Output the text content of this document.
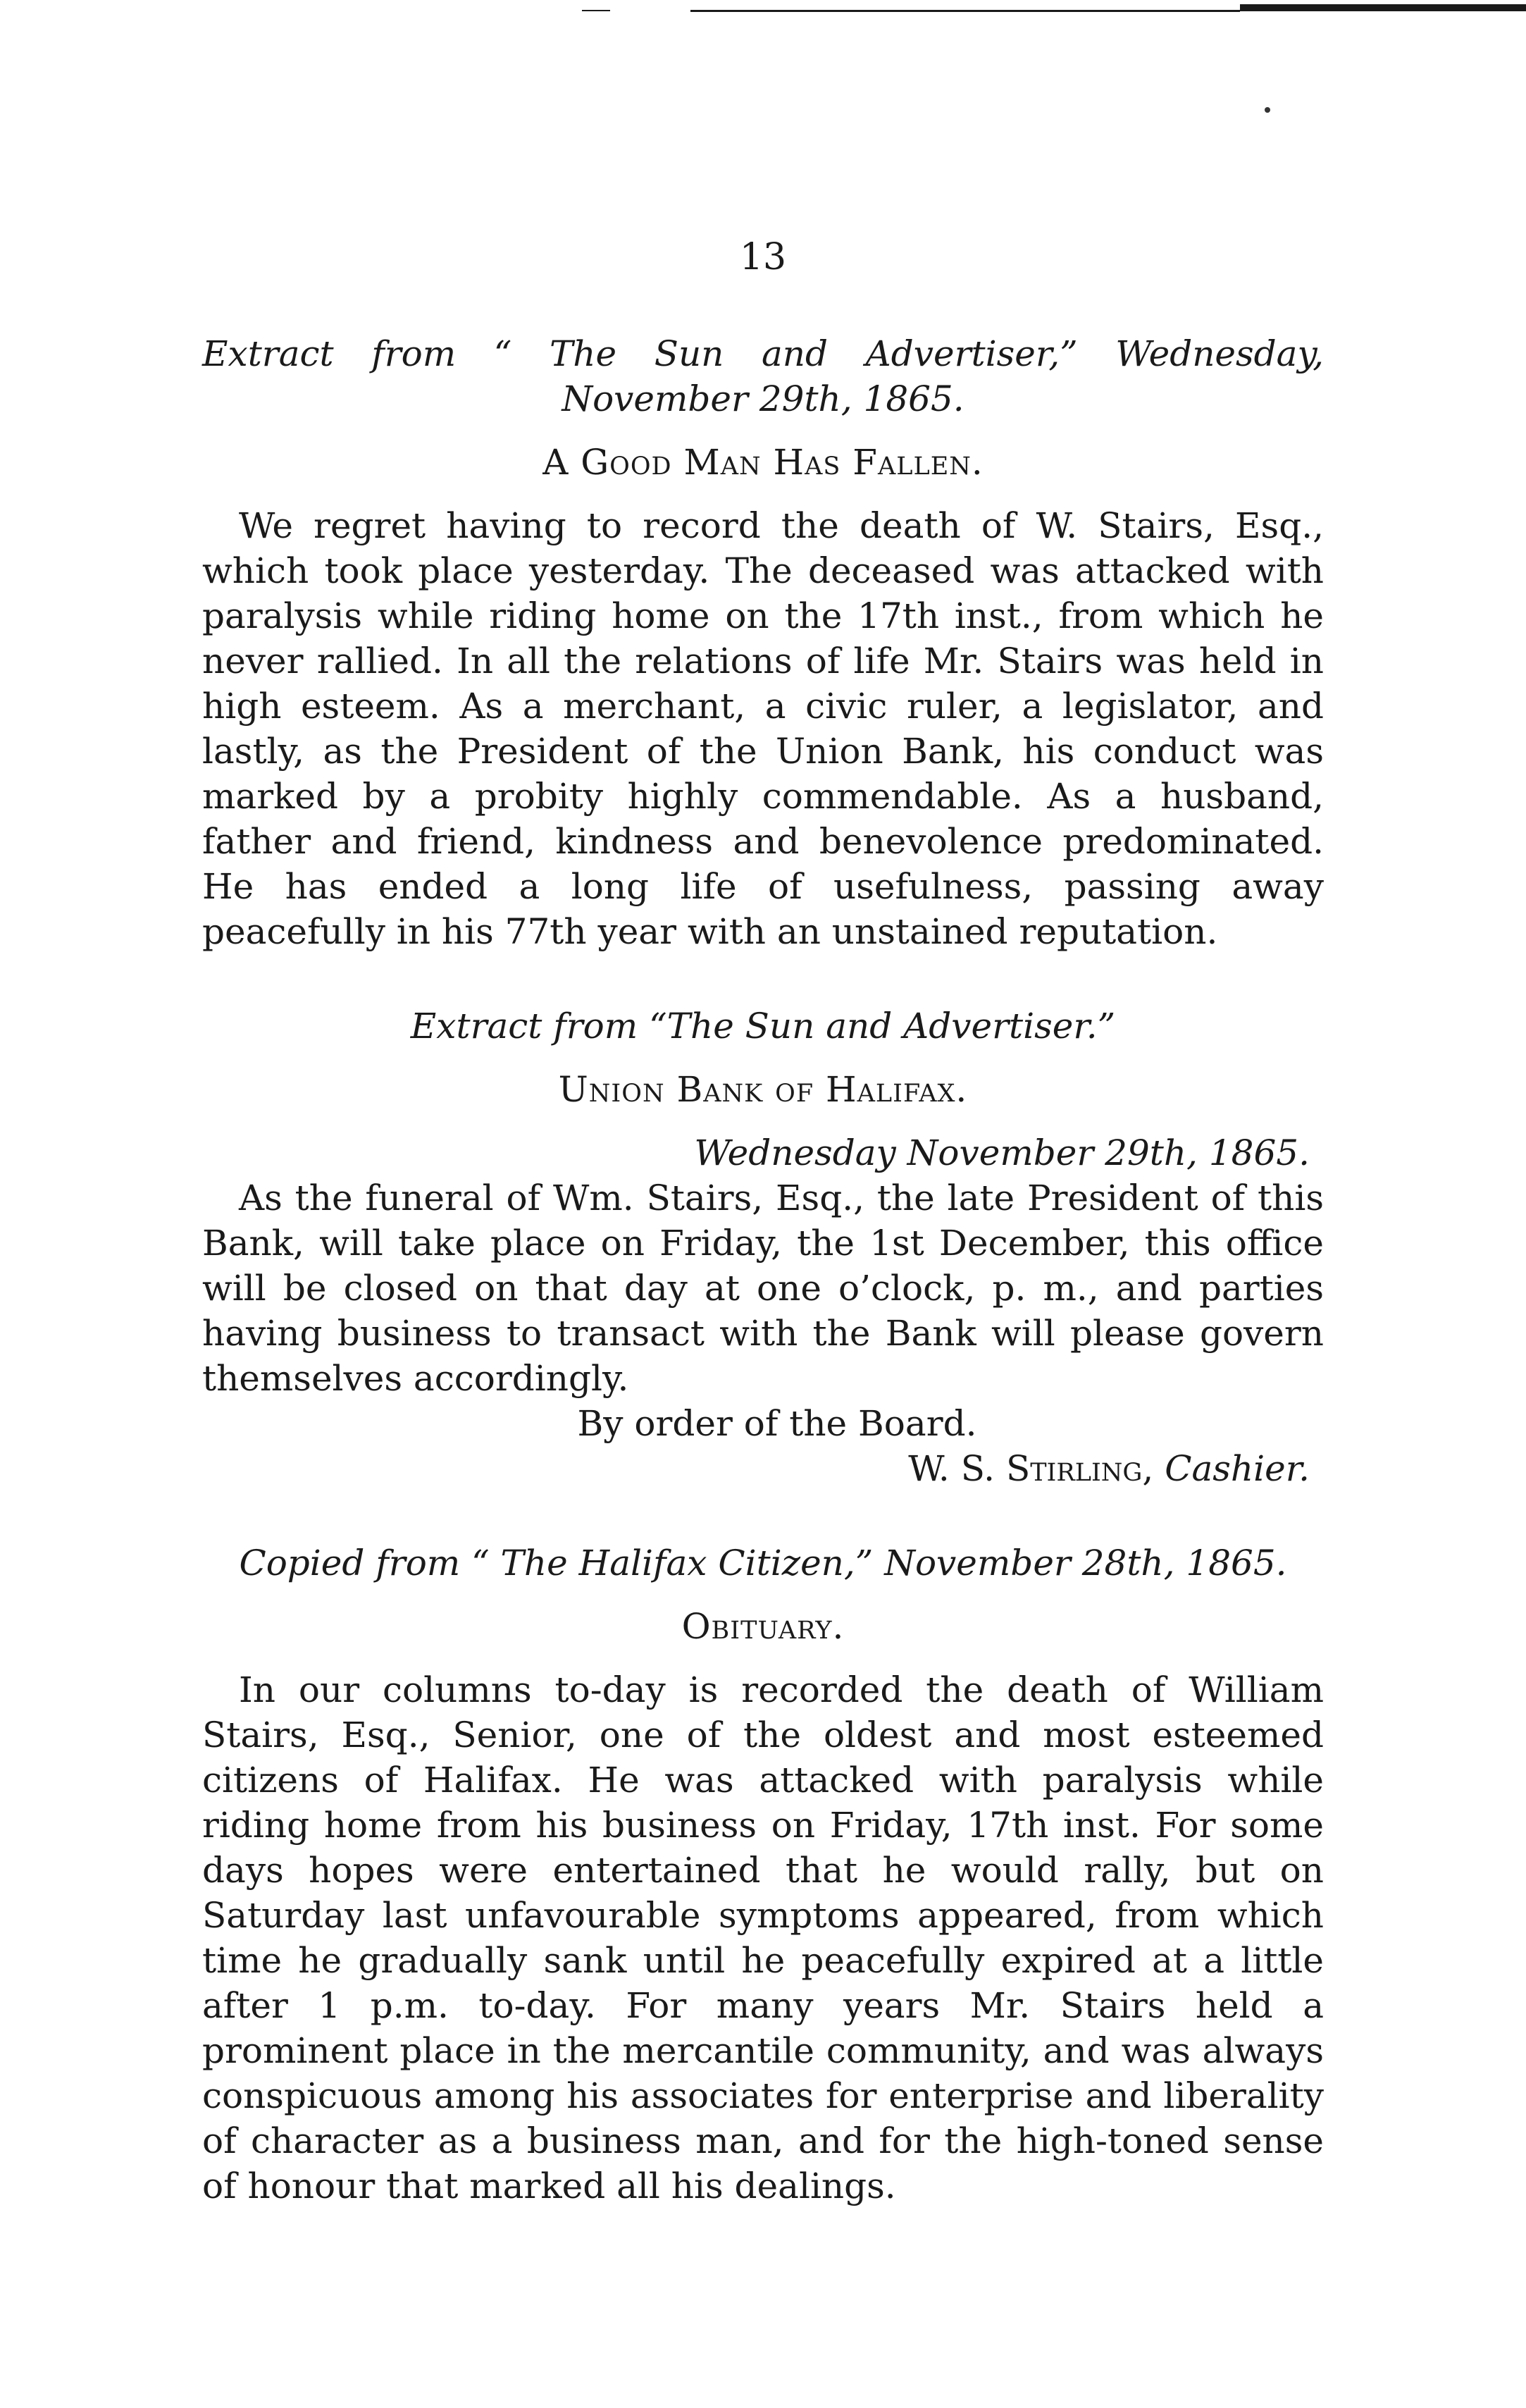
13

Extract from “ The Sun and Advertiser,” Wednesday,

November 29th, 1865.

A Good Man Has Fallen.

We regret having to record the death of W. Stairs, Esq., which took place yesterday. The deceased was attacked with paralysis while riding home on the 17th inst., from which he never rallied. In all the relations of life Mr. Stairs was held in high esteem. As a merchant, a civic ruler, a legislator, and lastly, as the President of the Union Bank, his conduct was marked by a probity highly commendable. As a husband, father and friend, kindness and benevolence predominated. He has ended a long life of usefulness, passing away peacefully in his 77th year with an unstained reputation.

Extract from “The Sun and Advertiser.”

Union Bank of Halifax.

Wednesday November 29th, 1865.

As the funeral of Wm. Stairs, Esq., the late President of this Bank, will take place on Friday, the 1st December, this office will be closed on that day at one o’clock, p. m., and parties having business to transact with the Bank will please govern themselves accordingly.

By order of the Board.

W. S. Stirling, Cashier.

Copied from “ The Halifax Citizen,” November 28th, 1865.

Obituary.

In our columns to-day is recorded the death of William Stairs, Esq., Senior, one of the oldest and most esteemed citizens of Halifax. He was attacked with paralysis while riding home from his business on Friday, 17th inst. For some days hopes were entertained that he would rally, but on Saturday last unfavourable symptoms appeared, from which time he gradually sank until he peacefully expired at a little after 1 p.m. to-day. For many years Mr. Stairs held a prominent place in the mercantile community, and was always conspicuous among his associates for enterprise and liberality of character as a business man, and for the high-toned sense of honour that marked all his dealings.
